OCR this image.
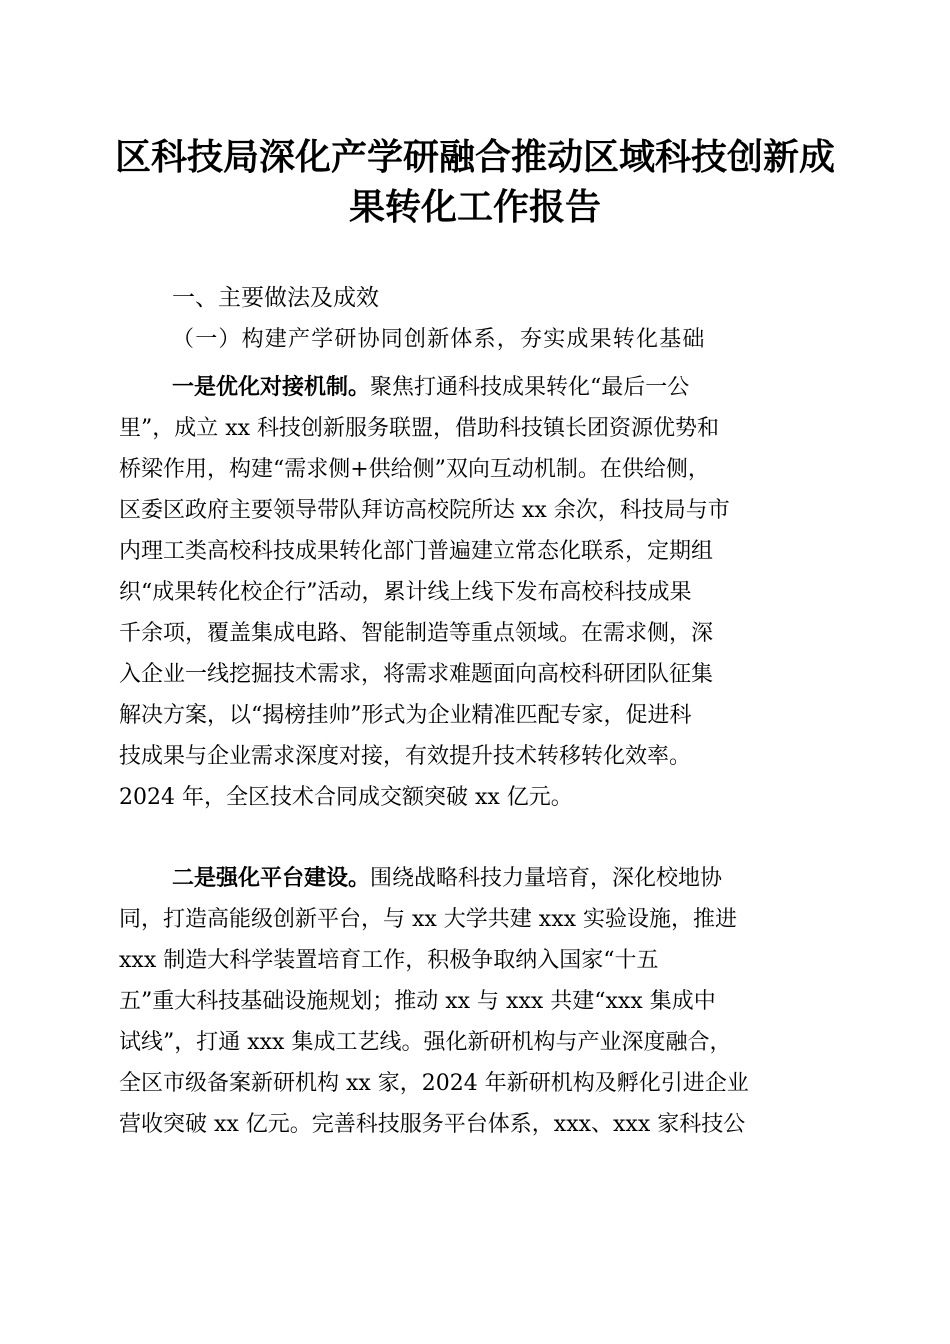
区科技局深化产学研融合推动区域科技创新成
果转化工作报告
一、主要做法及成效
（一）构建产学研协同创新体系，夯实成果转化基础
一是优化对接机制。聚焦打通科技成果转化“最后一公
里”，成立 xx 科技创新服务联盟，借助科技镇长团资源优势和
桥梁作用，构建“需求侧+供给侧”双向互动机制。在供给侧，
区委区政府主要领导带队拜访高校院所达 xx 余次，科技局与市
内理工类高校科技成果转化部门普遍建立常态化联系，定期组
织“成果转化校企行”活动，累计线上线下发布高校科技成果
千余项，覆盖集成电路、智能制造等重点领域。在需求侧，深
入企业一线挖掘技术需求，将需求难题面向高校科研团队征集
解决方案，以“揭榜挂帅”形式为企业精准匹配专家，促进科
技成果与企业需求深度对接，有效提升技术转移转化效率。
2024 年，全区技术合同成交额突破 xx 亿元。
二是强化平台建设。围绕战略科技力量培育，深化校地协
同，打造高能级创新平台，与 xx 大学共建 xxx 实验设施，推进
xxx 制造大科学装置培育工作，积极争取纳入国家“十五
五”重大科技基础设施规划；推动 xx 与 xxx 共建“xxx 集成中
试线”，打通 xxx 集成工艺线。强化新研机构与产业深度融合，
全区市级备案新研机构 xx 家，2024 年新研机构及孵化引进企业
营收突破 xx 亿元。完善科技服务平台体系，xxx、xxx 家科技公
